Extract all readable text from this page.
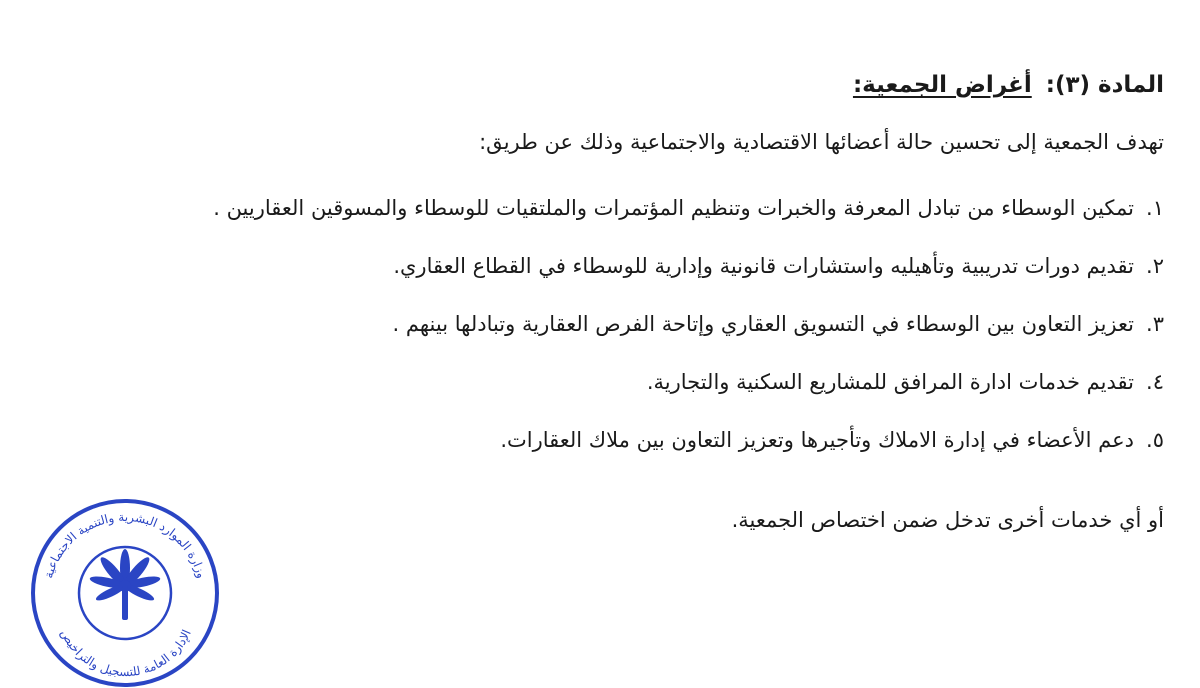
المادة (٣): أغراض الجمعية:
تهدف الجمعية إلى تحسين حالة أعضائها الاقتصادية والاجتماعية وذلك عن طريق:
١.
تمكين الوسطاء من تبادل المعرفة والخبرات وتنظيم المؤتمرات والملتقيات للوسطاء والمسوقين العقاريين .
٢.
تقديم دورات تدريبية وتأهيليه واستشارات قانونية وإدارية للوسطاء في القطاع العقاري.
٣.
تعزيز التعاون بين الوسطاء في التسويق العقاري وإتاحة الفرص العقارية وتبادلها بينهم .
٤.
تقديم خدمات ادارة المرافق للمشاريع السكنية والتجارية.
٥.
دعم الأعضاء في إدارة الاملاك وتأجيرها وتعزيز التعاون بين ملاك العقارات.
أو أي خدمات أخرى تدخل ضمن اختصاص الجمعية.
وزارة الموارد البشرية والتنمية الاجتماعية
الإدارة العامة للتسجيل والتراخيص
